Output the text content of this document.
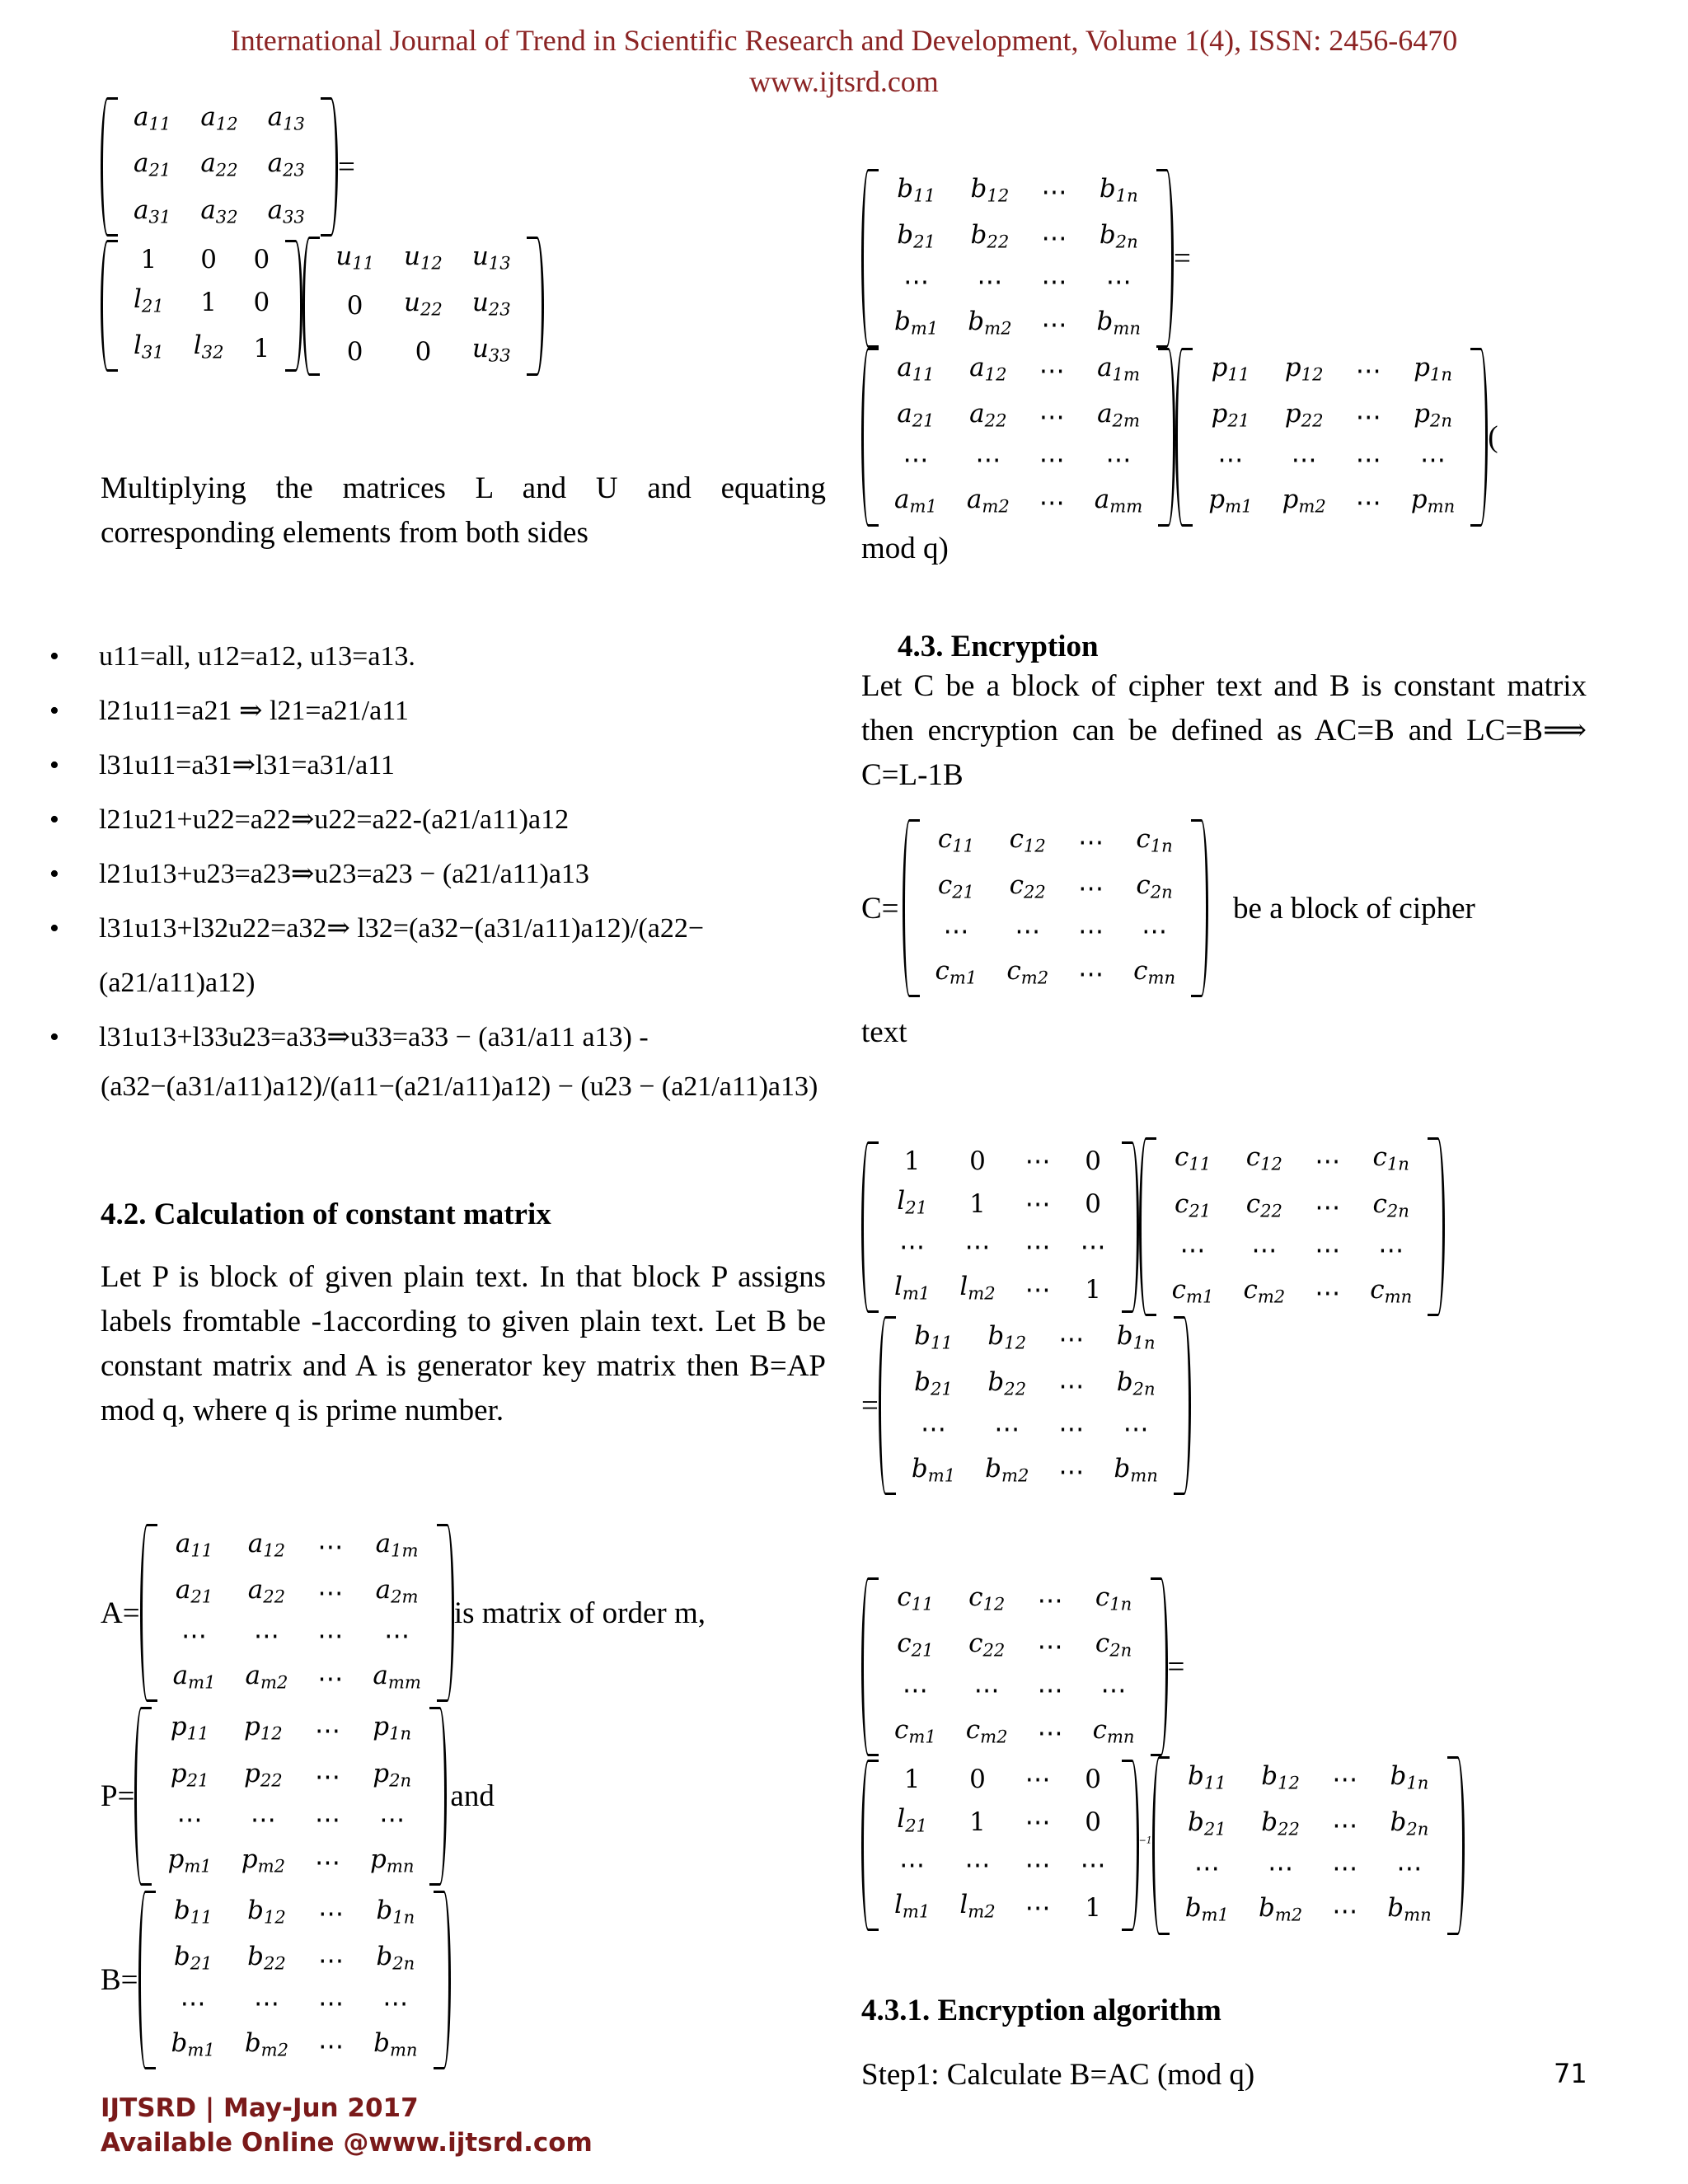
International Journal of Trend in Scientific Research and Development, Volume 1(4), ISSN: 2456-6470
www.ijtsrd.com
$a_{11}$	$a_{12}$	$a_{13}$
$a_{21}$	$a_{22}$	$a_{23}$
$a_{31}$	$a_{32}$	$a_{33}$
=

1	0	0
$l_{21}$	1	0
$l_{31}$	$l_{32}$	1
$u_{11}$	$u_{12}$	$u_{13}$
0	$u_{22}$	$u_{23}$
0	0	$u_{33}$

Multiplying the matrices L and U and equating corresponding elements from both sides

• u11=all, u12=a12, u13=a13.
• l21u11=a21 ⇒ l21=a21/a11
• l31u11=a31⇒l31=a31/a11
• l21u21+u22=a22⇒u22=a22-(a21/a11)a12
• l21u13+u23=a23⇒u23=a23 − (a21/a11)a13
• l31u13+l32u22=a32⇒ l32=(a32−(a31/a11)a12)/(a22−(a21/a11)a12)
• l31u13+l33u23=a33⇒u33=a33 − (a31/a11 a13) -
(a32−(a31/a11)a12)/(a11−(a21/a11)a12) − (u23 − (a21/a11)a13)

4.2. Calculation of constant matrix

Let P is block of given plain text. In that block P assigns labels fromtable -1according to given plain text. Let B be constant matrix and A is generator key matrix then B=AP mod q, where q is prime number.

A=
$a_{11}$	$a_{12}$	⋯	$a_{1m}$
$a_{21}$	$a_{22}$	⋯	$a_{2m}$
⋯	⋯	⋯	⋯
$a_{m1}$	$a_{m2}$	⋯	$a_{mm}$
is matrix of order m,
P=
$p_{11}$	$p_{12}$	⋯	$p_{1n}$
$p_{21}$	$p_{22}$	⋯	$p_{2n}$
⋯	⋯	⋯	⋯
$p_{m1}$	$p_{m2}$	⋯	$p_{mn}$
and
B=
$b_{11}$	$b_{12}$	⋯	$b_{1n}$
$b_{21}$	$b_{22}$	⋯	$b_{2n}$
⋯	⋯	⋯	⋯
$b_{m1}$	$b_{m2}$	⋯	$b_{mn}$
$b_{11}$	$b_{12}$	⋯	$b_{1n}$
$b_{21}$	$b_{22}$	⋯	$b_{2n}$
⋯	⋯	⋯	⋯
$b_{m1}$	$b_{m2}$	⋯	$b_{mn}$
=

$a_{11}$	$a_{12}$	⋯	$a_{1m}$
$a_{21}$	$a_{22}$	⋯	$a_{2m}$
⋯	⋯	⋯	⋯
$a_{m1}$	$a_{m2}$	⋯	$a_{mm}$
$p_{11}$	$p_{12}$	⋯	$p_{1n}$
$p_{21}$	$p_{22}$	⋯	$p_{2n}$
⋯	⋯	⋯	⋯
$p_{m1}$	$p_{m2}$	⋯	$p_{mn}$
(
mod q)

4.3. Encryption

Let C be a block of cipher text and B is constant matrix then encryption can be defined as AC=B and LC=B⟹ C=L-1B

C=
$c_{11}$	$c_{12}$	⋯	$c_{1n}$
$c_{21}$	$c_{22}$	⋯	$c_{2n}$
⋯	⋯	⋯	⋯
$c_{m1}$	$c_{m2}$	⋯	$c_{mn}$
be a block of cipher
text
1	0	⋯	0
$l_{21}$	1	⋯	0
⋯	⋯	⋯	⋯
$l_{m1}$	$l_{m2}$	⋯	1
$c_{11}$	$c_{12}$	⋯	$c_{1n}$
$c_{21}$	$c_{22}$	⋯	$c_{2n}$
⋯	⋯	⋯	⋯
$c_{m1}$	$c_{m2}$	⋯	$c_{mn}$

=
$b_{11}$	$b_{12}$	⋯	$b_{1n}$
$b_{21}$	$b_{22}$	⋯	$b_{2n}$
⋯	⋯	⋯	⋯
$b_{m1}$	$b_{m2}$	⋯	$b_{mn}$
$c_{11}$	$c_{12}$	⋯	$c_{1n}$
$c_{21}$	$c_{22}$	⋯	$c_{2n}$
⋯	⋯	⋯	⋯
$c_{m1}$	$c_{m2}$	⋯	$c_{mn}$
=

1	0	⋯	0
$l_{21}$	1	⋯	0
⋯	⋯	⋯	⋯
$l_{m1}$	$l_{m2}$	⋯	1
$^{-1}$
$b_{11}$	$b_{12}$	⋯	$b_{1n}$
$b_{21}$	$b_{22}$	⋯	$b_{2n}$
⋯	⋯	⋯	⋯
$b_{m1}$	$b_{m2}$	⋯	$b_{mn}$

4.3.1. Encryption algorithm

Step1: Calculate B=AC (mod q)	71
IJTSRD | May-Jun 2017
Available Online @www.ijtsrd.com
